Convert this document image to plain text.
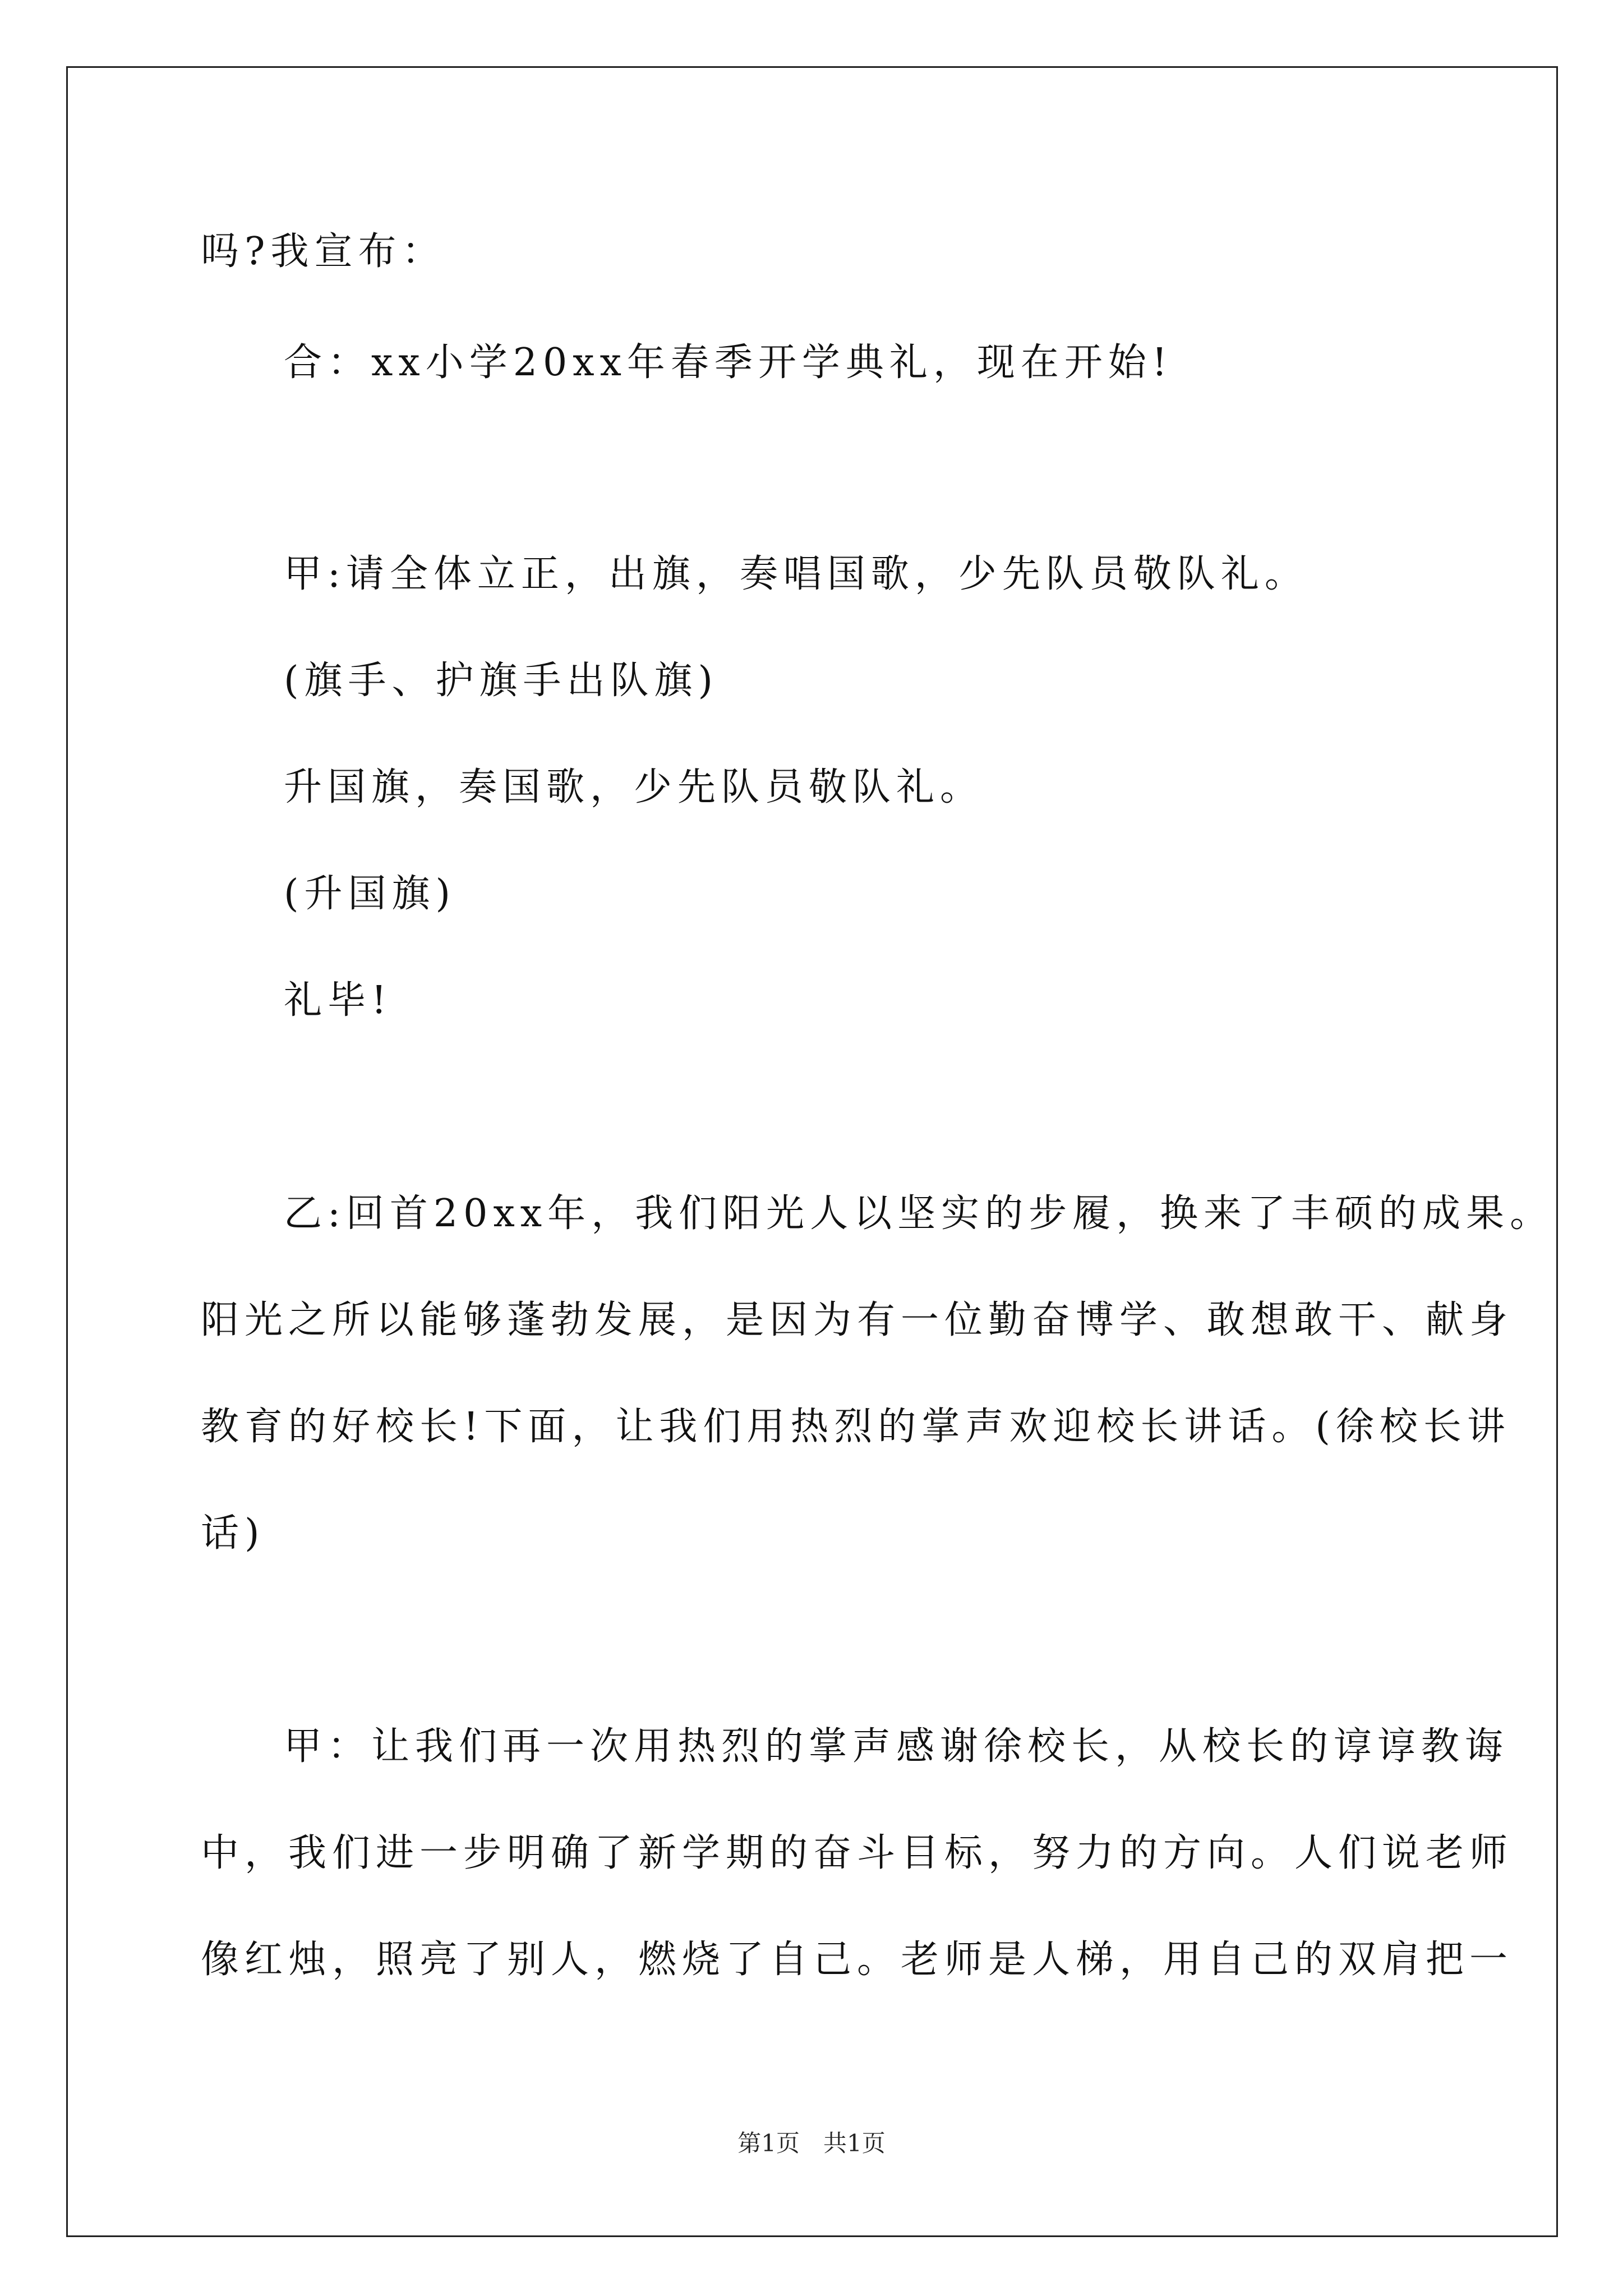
吗?我宣布：
合：xx小学20xx年春季开学典礼，现在开始!
甲:请全体立正，出旗，奏唱国歌，少先队员敬队礼。
(旗手、护旗手出队旗)
升国旗，奏国歌，少先队员敬队礼。
(升国旗)
礼毕!
乙:回首20xx年，我们阳光人以坚实的步履，换来了丰硕的成果。
阳光之所以能够蓬勃发展，是因为有一位勤奋博学、敢想敢干、献身
教育的好校长!下面，让我们用热烈的掌声欢迎校长讲话。(徐校长讲
话)
甲：让我们再一次用热烈的掌声感谢徐校长，从校长的谆谆教诲
中，我们进一步明确了新学期的奋斗目标，努力的方向。人们说老师
像红烛，照亮了别人，燃烧了自己。老师是人梯，用自己的双肩把一
第1页　共1页
